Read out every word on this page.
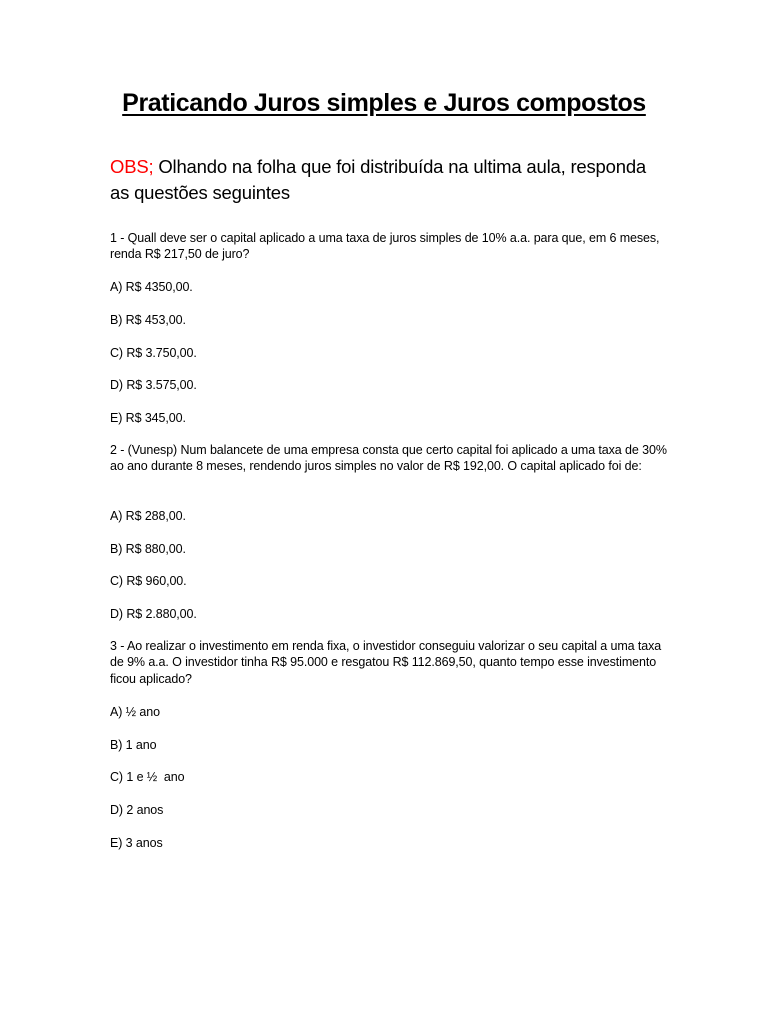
Praticando Juros simples e Juros compostos
OBS; Olhando na folha que foi distribuída na ultima aula, responda as questões seguintes
1 - Quall deve ser o capital aplicado a uma taxa de juros simples de 10% a.a. para que, em 6 meses, renda R$ 217,50 de juro?
A) R$ 4350,00.
B) R$ 453,00.
C) R$ 3.750,00.
D) R$ 3.575,00.
E) R$ 345,00.
2 - (Vunesp) Num balancete de uma empresa consta que certo capital foi aplicado a uma taxa de 30% ao ano durante 8 meses, rendendo juros simples no valor de R$ 192,00. O capital aplicado foi de:
A) R$ 288,00.
B) R$ 880,00.
C) R$ 960,00.
D) R$ 2.880,00.
3 - Ao realizar o investimento em renda fixa, o investidor conseguiu valorizar o seu capital a uma taxa de 9% a.a. O investidor tinha R$ 95.000 e resgatou R$ 112.869,50, quanto tempo esse investimento ficou aplicado?
A) ½ ano
B) 1 ano
C) 1 e ½  ano
D) 2 anos
E) 3 anos
